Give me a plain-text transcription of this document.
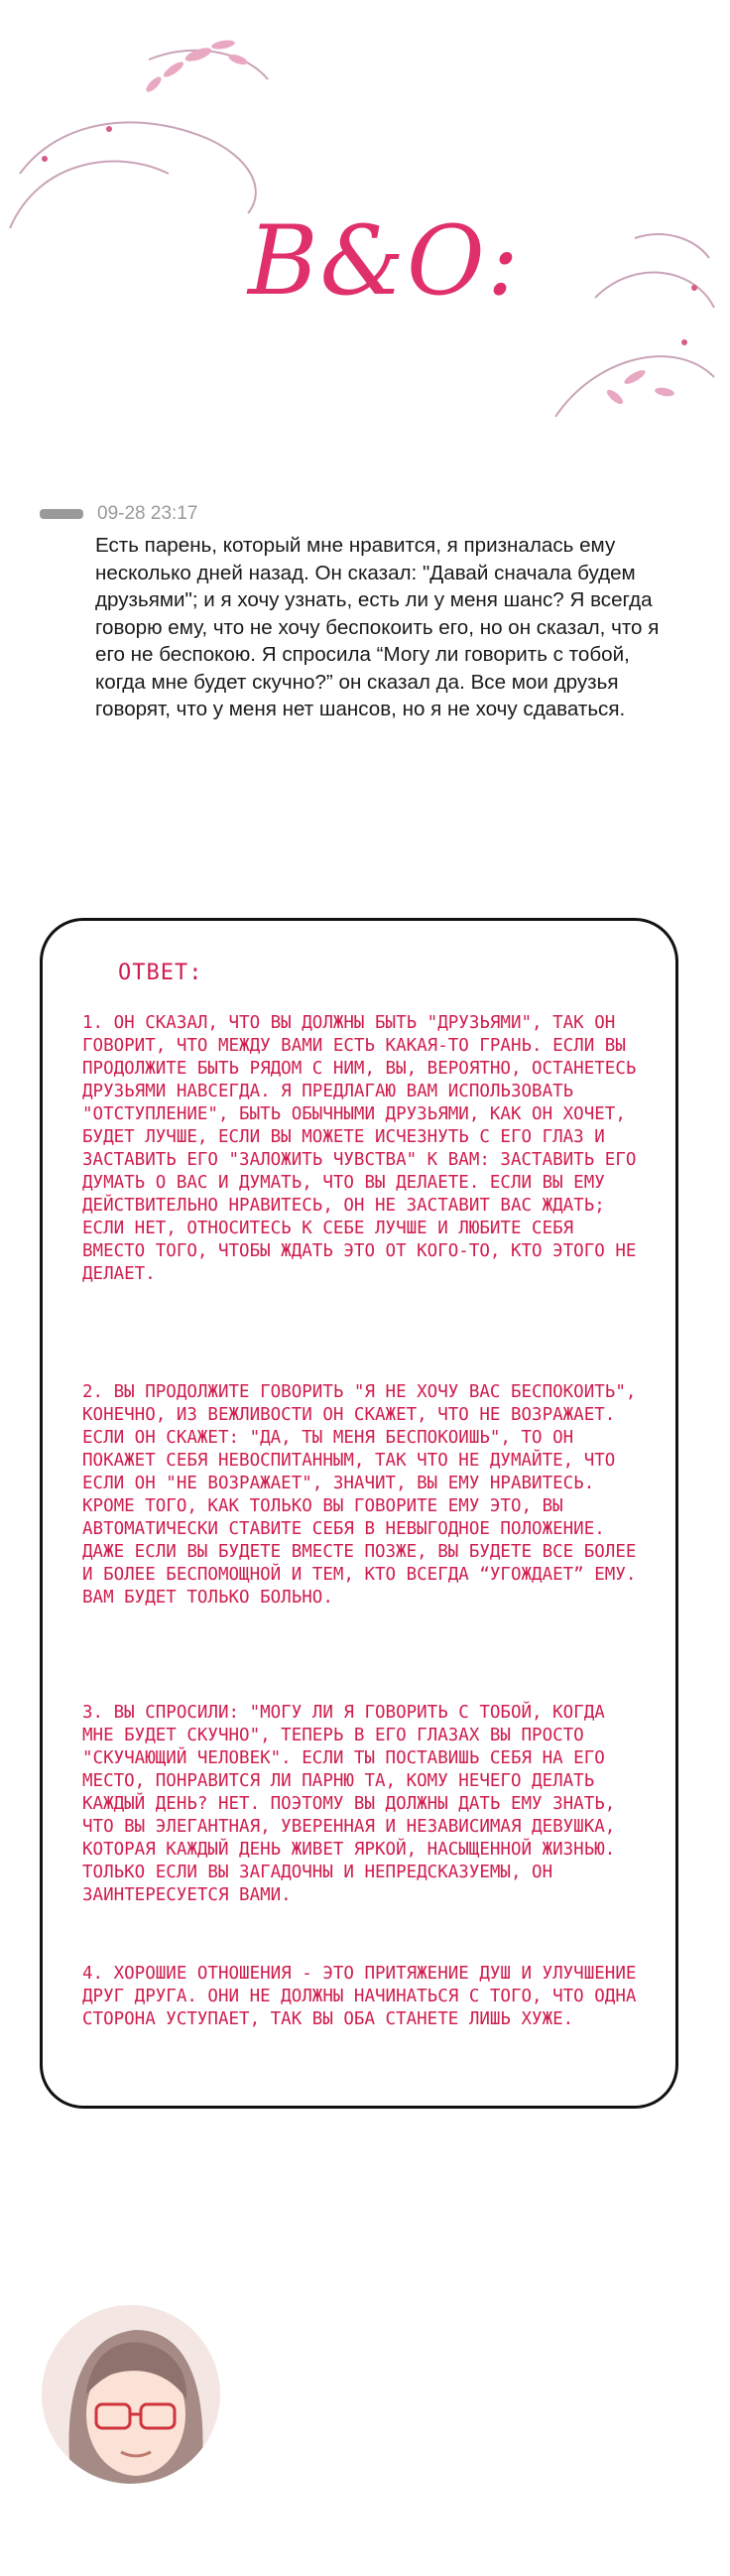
B&O:
09-28 23:17
Есть парень, который мне нравится, я призналась ему несколько дней назад. Он сказал: "Давай сначала будем друзьями"; и я хочу узнать, есть ли у меня шанс? Я всегда говорю ему, что не хочу беспокоить его, но он сказал, что я его не беспокою. Я спросила “Могу ли говорить с тобой, когда мне будет скучно?” он сказал да. Все мои друзья говорят, что у меня нет шансов, но я не хочу сдаваться.
ОТВЕТ:
1. ОН СКАЗАЛ, ЧТО ВЫ ДОЛЖНЫ БЫТЬ "ДРУЗЬЯМИ", ТАК ОН ГОВОРИТ, ЧТО МЕЖДУ ВАМИ ЕСТЬ КАКАЯ-ТО ГРАНЬ. ЕСЛИ ВЫ ПРОДОЛЖИТЕ БЫТЬ РЯДОМ С НИМ, ВЫ, ВЕРОЯТНО, ОСТАНЕТЕСЬ ДРУЗЬЯМИ НАВСЕГДА. Я ПРЕДЛАГАЮ ВАМ ИСПОЛЬЗОВАТЬ "ОТСТУПЛЕНИЕ", БЫТЬ ОБЫЧНЫМИ ДРУЗЬЯМИ, КАК ОН ХОЧЕТ, БУДЕТ ЛУЧШЕ, ЕСЛИ ВЫ МОЖЕТЕ ИСЧЕЗНУТЬ С ЕГО ГЛАЗ И ЗАСТАВИТЬ ЕГО "ЗАЛОЖИТЬ ЧУВСТВА" К ВАМ: ЗАСТАВИТЬ ЕГО ДУМАТЬ О ВАС И ДУМАТЬ, ЧТО ВЫ ДЕЛАЕТЕ. ЕСЛИ ВЫ ЕМУ ДЕЙСТВИТЕЛЬНО НРАВИТЕСЬ, ОН НЕ ЗАСТАВИТ ВАС ЖДАТЬ; ЕСЛИ НЕТ, ОТНОСИТЕСЬ К СЕБЕ ЛУЧШЕ И ЛЮБИТЕ СЕБЯ ВМЕСТО ТОГО, ЧТОБЫ ЖДАТЬ ЭТО ОТ КОГО-ТО, КТО ЭТОГО НЕ ДЕЛАЕТ.
2. ВЫ ПРОДОЛЖИТЕ ГОВОРИТЬ "Я НЕ ХОЧУ ВАС БЕСПОКОИТЬ", КОНЕЧНО, ИЗ ВЕЖЛИВОСТИ ОН СКАЖЕТ, ЧТО НЕ ВОЗРАЖАЕТ. ЕСЛИ ОН СКАЖЕТ: "ДА, ТЫ МЕНЯ БЕСПОКОИШЬ", ТО ОН ПОКАЖЕТ СЕБЯ НЕВОСПИТАННЫМ, ТАК ЧТО НЕ ДУМАЙТЕ, ЧТО ЕСЛИ ОН "НЕ ВОЗРАЖАЕТ", ЗНАЧИТ, ВЫ ЕМУ НРАВИТЕСЬ. КРОМЕ ТОГО, КАК ТОЛЬКО ВЫ ГОВОРИТЕ ЕМУ ЭТО, ВЫ АВТОМАТИЧЕСКИ СТАВИТЕ СЕБЯ В НЕВЫГОДНОЕ ПОЛОЖЕНИЕ. ДАЖЕ ЕСЛИ ВЫ БУДЕТЕ ВМЕСТЕ ПОЗЖЕ, ВЫ БУДЕТЕ ВСЕ БОЛЕЕ И БОЛЕЕ БЕСПОМОЩНОЙ И ТЕМ, КТО ВСЕГДА “УГОЖДАЕТ” ЕМУ. ВАМ БУДЕТ ТОЛЬКО БОЛЬНО.
3. ВЫ СПРОСИЛИ: "МОГУ ЛИ Я ГОВОРИТЬ С ТОБОЙ, КОГДА МНЕ БУДЕТ СКУЧНО", ТЕПЕРЬ В ЕГО ГЛАЗАХ ВЫ ПРОСТО "СКУЧАЮЩИЙ ЧЕЛОВЕК". ЕСЛИ ТЫ ПОСТАВИШЬ СЕБЯ НА ЕГО МЕСТО, ПОНРАВИТСЯ ЛИ ПАРНЮ ТА, КОМУ НЕЧЕГО ДЕЛАТЬ КАЖДЫЙ ДЕНЬ? НЕТ. ПОЭТОМУ ВЫ ДОЛЖНЫ ДАТЬ ЕМУ ЗНАТЬ, ЧТО ВЫ ЭЛЕГАНТНАЯ, УВЕРЕННАЯ И НЕЗАВИСИМАЯ ДЕВУШКА, КОТОРАЯ КАЖДЫЙ ДЕНЬ ЖИВЕТ ЯРКОЙ, НАСЫЩЕННОЙ ЖИЗНЬЮ. ТОЛЬКО ЕСЛИ ВЫ ЗАГАДОЧНЫ И НЕПРЕДСКАЗУЕМЫ, ОН ЗАИНТЕРЕСУЕТСЯ ВАМИ.
4. ХОРОШИЕ ОТНОШЕНИЯ - ЭТО ПРИТЯЖЕНИЕ ДУШ И УЛУЧШЕНИЕ ДРУГ ДРУГА. ОНИ НЕ ДОЛЖНЫ НАЧИНАТЬСЯ С ТОГО, ЧТО ОДНА СТОРОНА УСТУПАЕТ, ТАК ВЫ ОБА СТАНЕТЕ ЛИШЬ ХУЖЕ.
